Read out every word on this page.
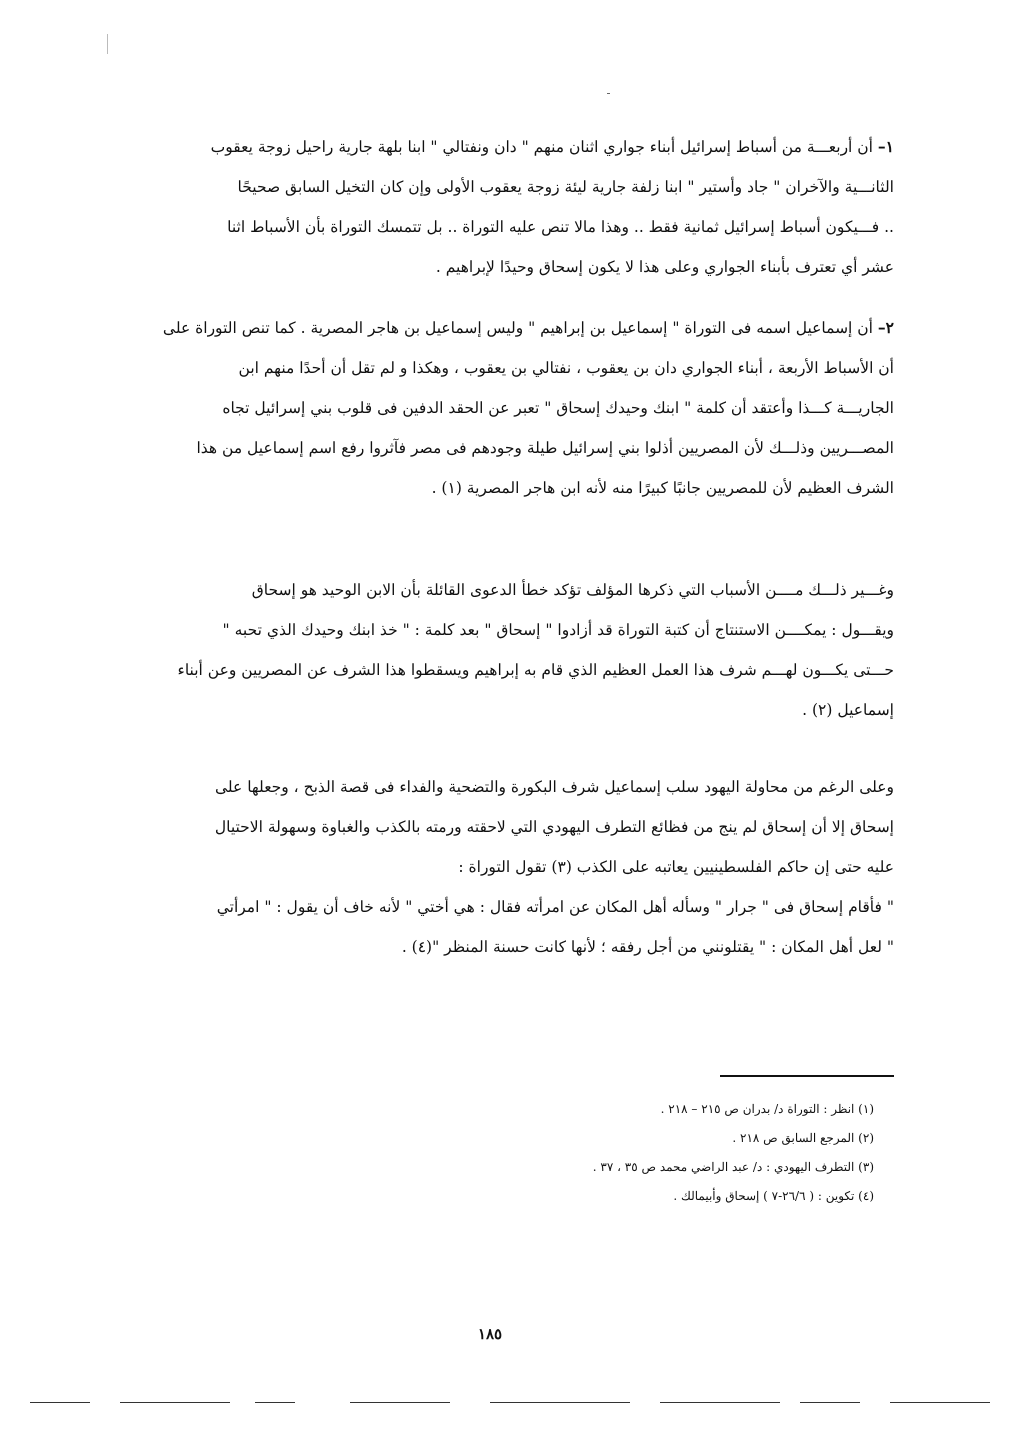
١– أن أربعـــة من أسباط إسرائيل أبناء جواري اثنان منهم " دان ونفتالي " ابنا بلهة جارية راحيل زوجة يعقوب
الثانـــية والآخران " جاد وأستير " ابنا زلفة جارية ليئة زوجة يعقوب الأولى وإن كان التخيل السابق صحيحًا
.. فـــيكون أسباط إسرائيل ثمانية فقط .. وهذا مالا تنص عليه التوراة .. بل تتمسك التوراة بأن الأسباط اثنا
عشر أي تعترف بأبناء الجواري وعلى هذا لا يكون إسحاق وحيدًا لإبراهيم .
٢– أن إسماعيل اسمه فى التوراة " إسماعيل بن إبراهيم " وليس إسماعيل بن هاجر المصرية . كما تنص التوراة على
أن الأسباط الأربعة ، أبناء الجواري دان بن يعقوب ، نفتالي بن يعقوب ، وهكذا و لم تقل أن أحدًا منهم ابن
الجاريـــة كـــذا وأعتقد أن كلمة " ابنك وحيدك إسحاق " تعبر عن الحقد الدفين فى قلوب بني إسرائيل تجاه
المصـــريين وذلـــك لأن المصريين أذلوا بني إسرائيل طيلة وجودهم فى مصر فآثروا رفع اسم إسماعيل من هذا
الشرف العظيم لأن للمصريين جانبًا كبيرًا منه لأنه ابن هاجر المصرية (١) .
وغـــير ذلـــك مــــن الأسباب التي ذكرها المؤلف تؤكد خطأ الدعوى القائلة بأن الابن الوحيد هو إسحاق
ويقـــول : يمكــــن الاستنتاج أن كتبة التوراة قد أزادوا " إسحاق " بعد كلمة : " خذ ابنك وحيدك الذي تحبه "
حـــتى يكـــون لهـــم شرف هذا العمل العظيم الذي قام به إبراهيم ويسقطوا هذا الشرف عن المصريين وعن أبناء
إسماعيل (٢) .
وعلى الرغم من محاولة اليهود سلب إسماعيل شرف البكورة والتضحية والفداء فى قصة الذبح ، وجعلها على
إسحاق إلا أن إسحاق لم ينج من فظائع التطرف اليهودي التي لاحقته ورمته بالكذب والغباوة وسهولة الاحتيال
عليه حتى إن حاكم الفلسطينيين يعاتبه على الكذب (٣) تقول التوراة :
" فأقام إسحاق فى " جرار " وسأله أهل المكان عن امرأته فقال : هي أختي " لأنه خاف أن يقول : " امرأتي
" لعل أهل المكان : " يقتلونني من أجل رفقه ؛ لأنها كانت حسنة المنظر "(٤) .
(١) انظر : التوراة د/ بدران ص ٢١٥ – ٢١٨ .
(٢) المرجع السابق ص ٢١٨ .
(٣) التطرف اليهودي : د/ عبد الراضي محمد ص ٣٥ ، ٣٧ .
(٤) تكوين : ( ٢٦/٦-٧ ) إسحاق وأبيمالك .
١٨٥
